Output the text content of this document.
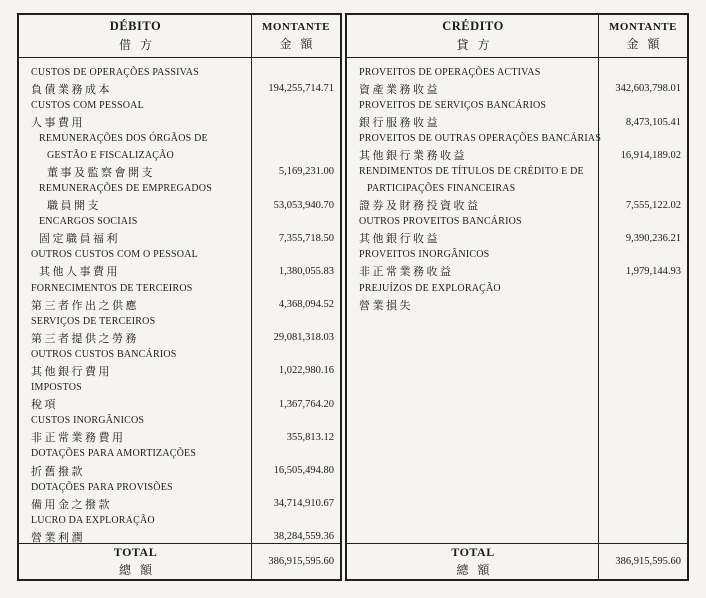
DÉBITO
借 方
MONTANTE
金 額
CUSTOS DE OPERAÇÕES PASSIVAS
負債業務成本	194,255,714.71
CUSTOS COM PESSOAL
人事費用
REMUNERAÇÕES DOS ÓRGÃOS DE
GESTÃO E FISCALIZAÇÃO
董事及監察會開支	5,169,231.00
REMUNERAÇÕES DE EMPREGADOS
職員開支	53,053,940.70
ENCARGOS SOCIAIS
固定職員福利	7,355,718.50
OUTROS CUSTOS COM O PESSOAL
其他人事費用	1,380,055.83
FORNECIMENTOS DE TERCEIROS
第三者作出之供應	4,368,094.52
SERVIÇOS DE TERCEIROS
第三者提供之勞務	29,081,318.03
OUTROS CUSTOS BANCÁRIOS
其他銀行費用	1,022,980.16
IMPOSTOS
稅項	1,367,764.20
CUSTOS INORGÂNICOS
非正常業務費用	355,813.12
DOTAÇÕES PARA AMORTIZAÇÕES
折舊撥款	16,505,494.80
DOTAÇÕES PARA PROVISÕES
備用金之撥款	34,714,910.67
LUCRO DA EXPLORAÇÃO
營業利潤	38,284,559.36
TOTAL
總 額
386,915,595.60
CRÉDITO
貸 方
MONTANTE
金 額
PROVEITOS DE OPERAÇÕES ACTIVAS
資產業務收益	342,603,798.01
PROVEITOS DE SERVIÇOS BANCÁRIOS
銀行服務收益	8,473,105.41
PROVEITOS DE OUTRAS OPERAÇÕES BANCÁRIAS
其他銀行業務收益	16,914,189.02
RENDIMENTOS DE TÍTULOS DE CRÉDITO E DE
PARTICIPAÇÕES FINANCEIRAS
證券及財務投資收益	7,555,122.02
OUTROS PROVEITOS BANCÁRIOS
其他銀行收益	9,390,236.21
PROVEITOS INORGÂNICOS
非正常業務收益	1,979,144.93
PREJUÍZOS DE EXPLORAÇÃO
營業損失
TOTAL
總 額
386,915,595.60
